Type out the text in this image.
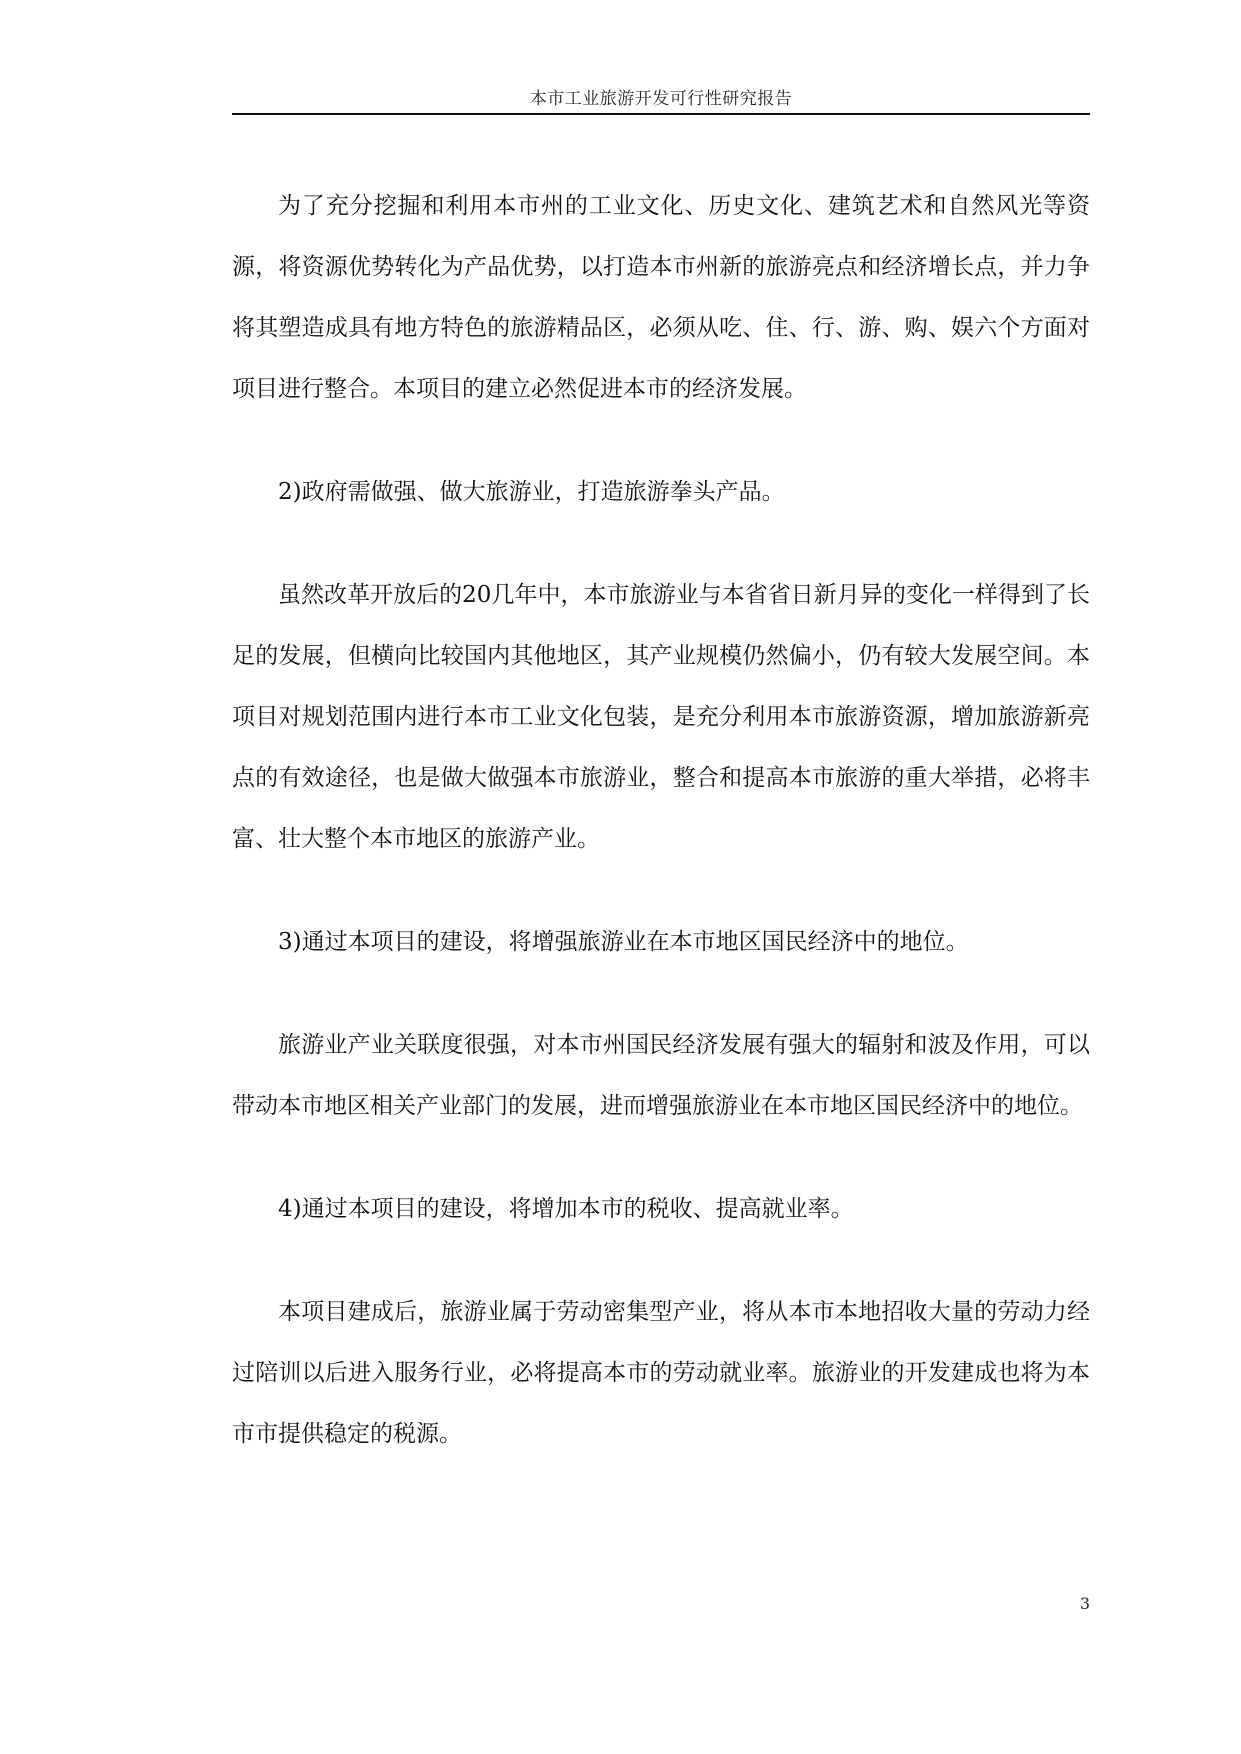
本市工业旅游开发可行性研究报告

为了充分挖掘和利用本市州的工业文化、历史文化、建筑艺术和自然风光等资源，将资源优势转化为产品优势，以打造本市州新的旅游亮点和经济增长点，并力争将其塑造成具有地方特色的旅游精品区，必须从吃、住、行、游、购、娱六个方面对项目进行整合。本项目的建立必然促进本市的经济发展。

2)政府需做强、做大旅游业，打造旅游拳头产品。

虽然改革开放后的20几年中，本市旅游业与本省省日新月异的变化一样得到了长足的发展，但横向比较国内其他地区，其产业规模仍然偏小，仍有较大发展空间。本项目对规划范围内进行本市工业文化包装，是充分利用本市旅游资源，增加旅游新亮点的有效途径，也是做大做强本市旅游业，整合和提高本市旅游的重大举措，必将丰富、壮大整个本市地区的旅游产业。

3)通过本项目的建设，将增强旅游业在本市地区国民经济中的地位。

旅游业产业关联度很强，对本市州国民经济发展有强大的辐射和波及作用，可以带动本市地区相关产业部门的发展，进而增强旅游业在本市地区国民经济中的地位。

4)通过本项目的建设，将增加本市的税收、提高就业率。

本项目建成后，旅游业属于劳动密集型产业，将从本市本地招收大量的劳动力经过陪训以后进入服务行业，必将提高本市的劳动就业率。旅游业的开发建成也将为本市市提供稳定的税源。

3
